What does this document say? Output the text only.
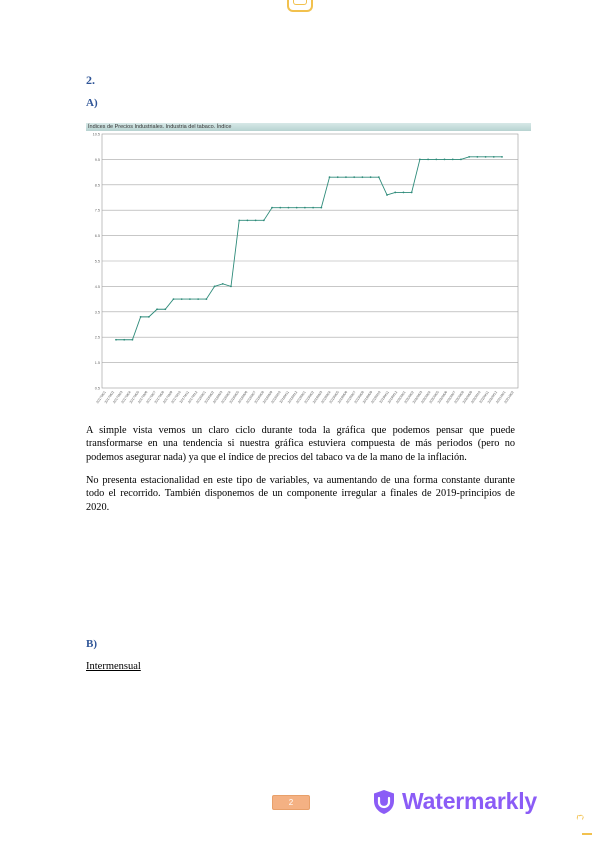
2.
A)
Índices de Precios Industriales. Industria del tabaco. Índice
0.5
1.5
2.5
3.5
4.5
5.5
6.5
7.5
8.5
9.5
10.5
2017M01
2017M02
2017M03
2017M04
2017M05
2017M06
2017M07
2017M08
2017M09
2017M10
2017M11
2017M12
2018M01
2018M02
2018M03
2018M04
2018M05
2018M06
2018M07
2018M08
2018M09
2018M10
2018M11
2018M12
2019M01
2019M02
2019M03
2019M04
2019M05
2019M06
2019M07
2019M08
2019M09
2019M10
2019M11
2019M12
2020M01
2020M02
2020M03
2020M04
2020M05
2020M06
2020M07
2020M08
2020M09
2020M10
2020M11
2020M12
2021M01
2021M02
A simple vista vemos un claro ciclo durante toda la gráfica que podemos pensar que puede transformarse en una tendencia si nuestra gráfica estuviera compuesta de más periodos (pero no podemos asegurar nada) ya que el índice de precios del tabaco va de la mano de la inflación.
No presenta estacionalidad en este tipo de variables, va aumentando de una forma constante durante todo el recorrido. También disponemos de un componente irregular a finales de 2019-principios de 2020.
B)
Intermensual
2	Watermarkly
ℑ
